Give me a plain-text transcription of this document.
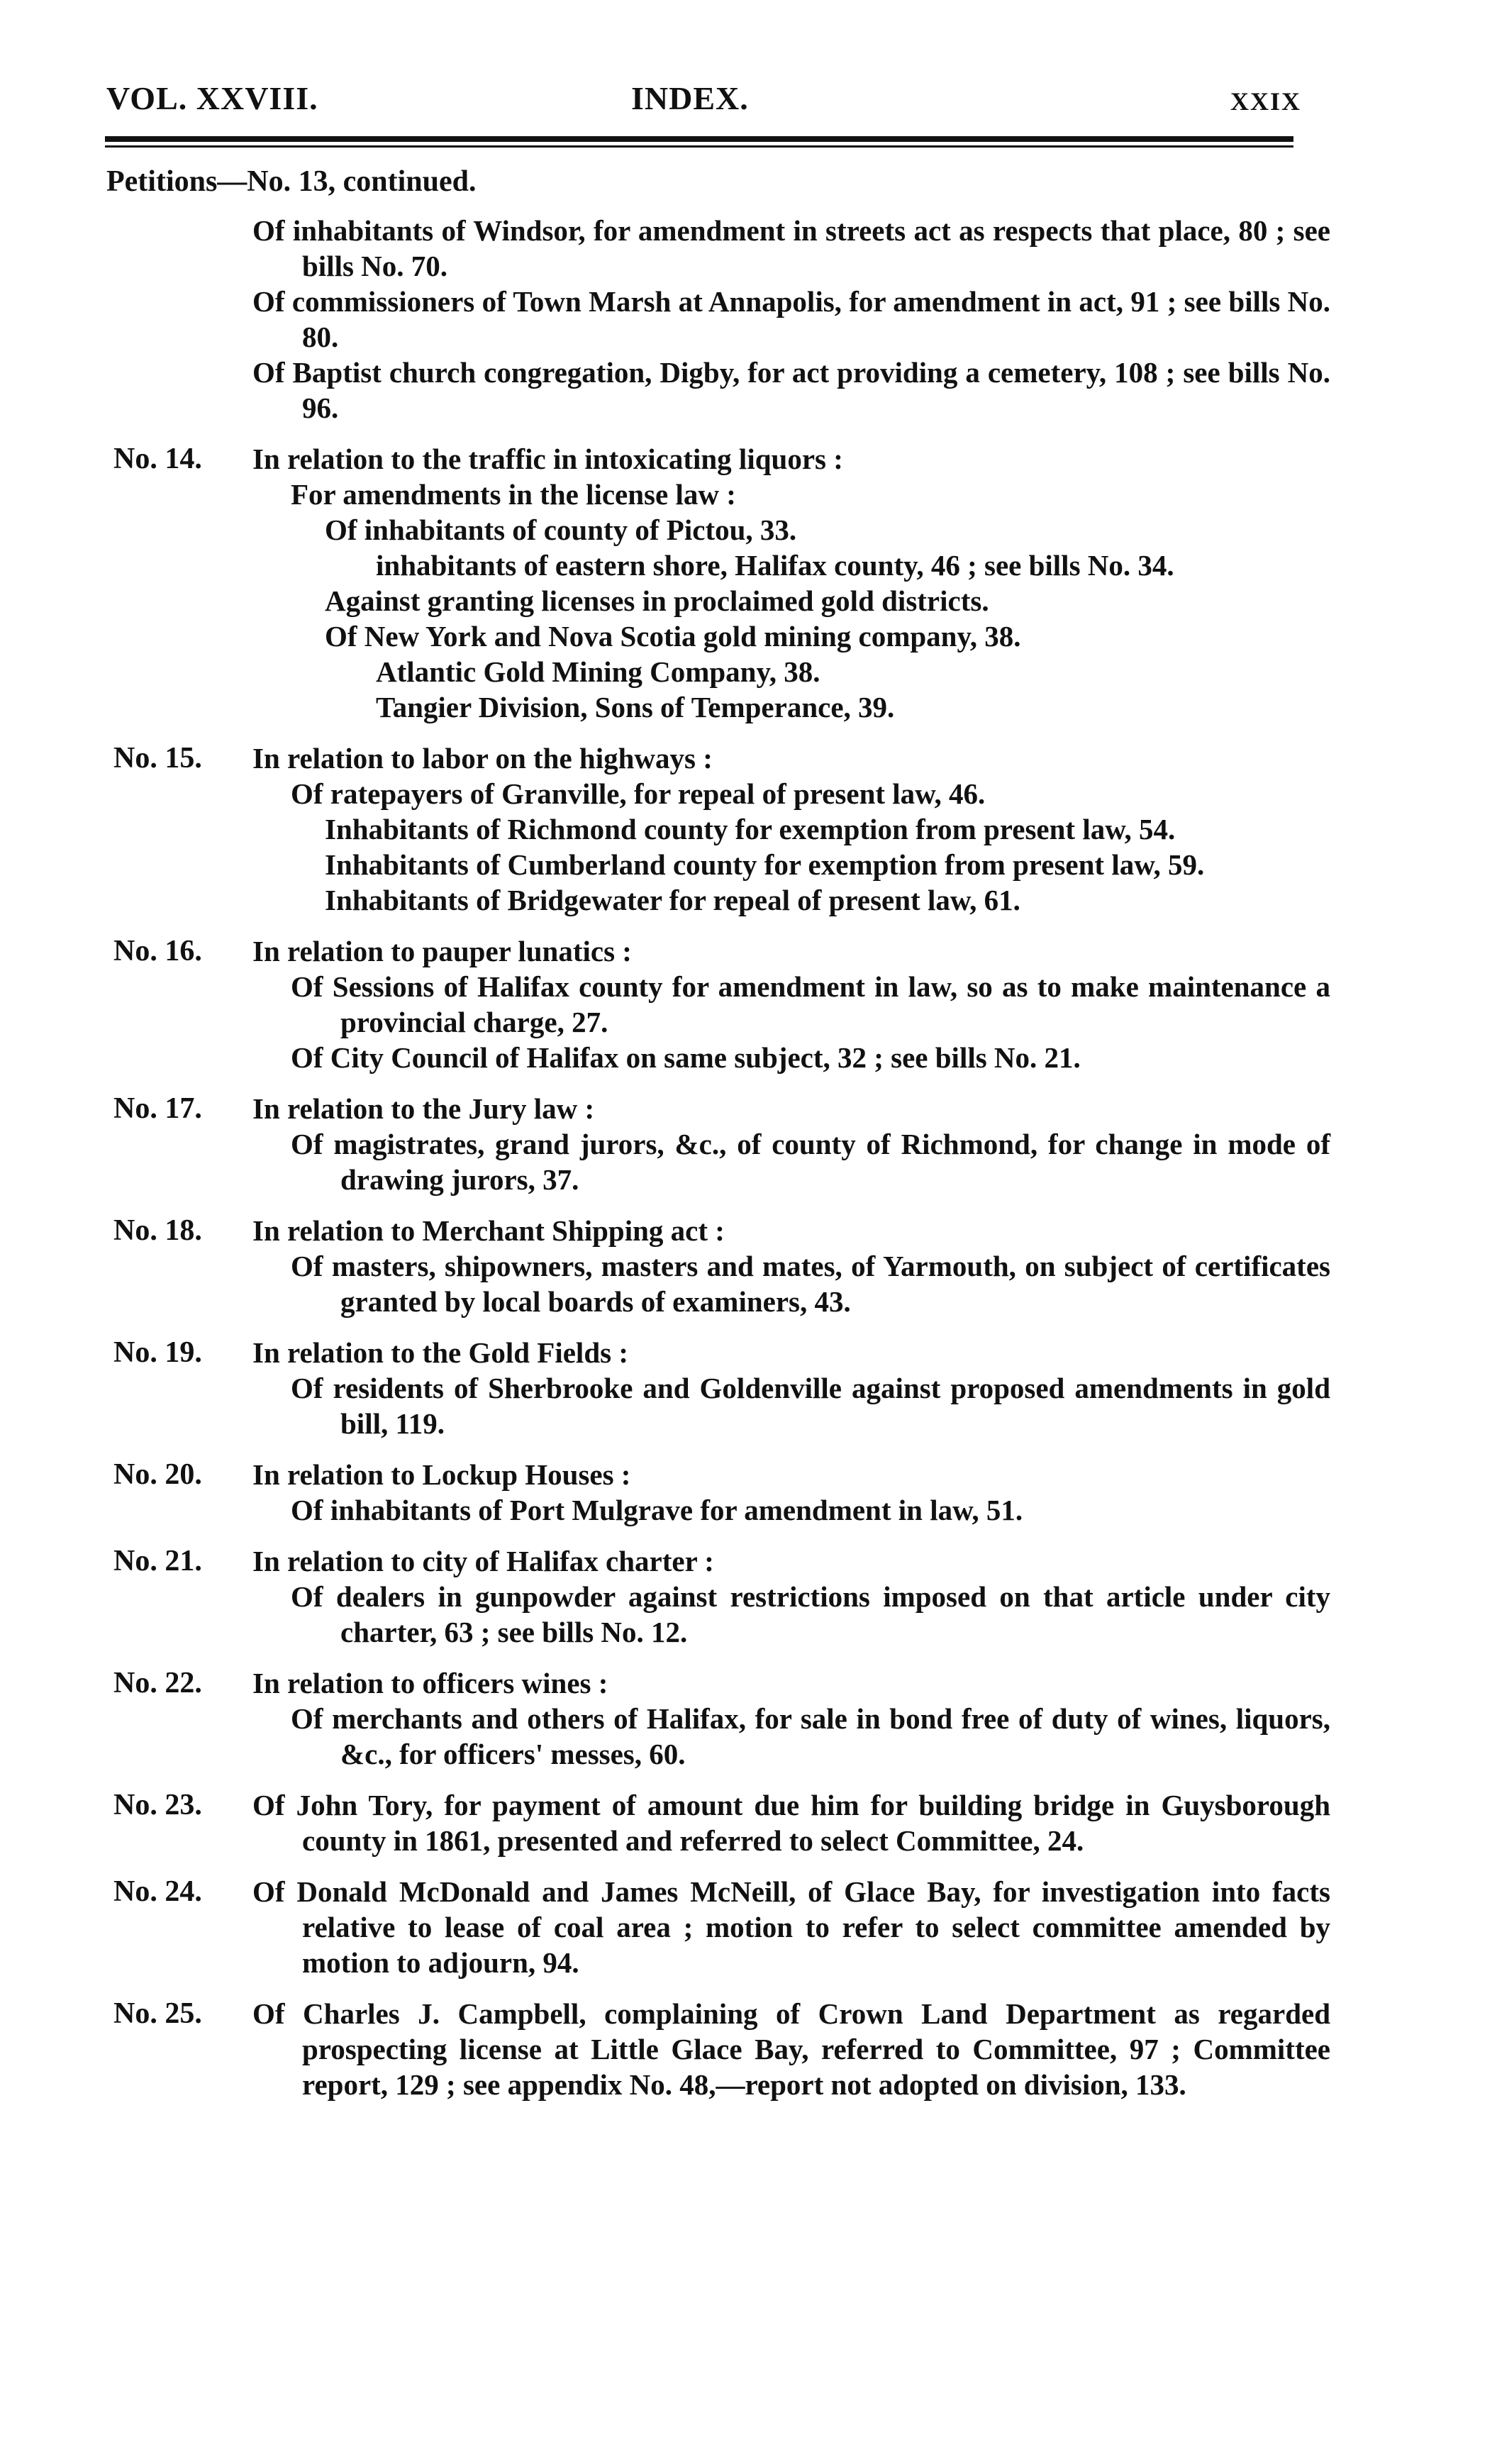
VOL. XXVIII.	INDEX.	XXIX
Petitions—No. 13, continued.
Of inhabitants of Windsor, for amendment in streets act as respects that place, 80 ; see bills No. 70.
Of commissioners of Town Marsh at Annapolis, for amendment in act, 91 ; see bills No. 80.
Of Baptist church congregation, Digby, for act providing a cemetery, 108 ; see bills No. 96.
No. 14. In relation to the traffic in intoxicating liquors :
For amendments in the license law :
Of inhabitants of county of Pictou, 33.
inhabitants of eastern shore, Halifax county, 46 ; see bills No. 34.
Against granting licenses in proclaimed gold districts.
Of New York and Nova Scotia gold mining company, 38.
Atlantic Gold Mining Company, 38.
Tangier Division, Sons of Temperance, 39.
No. 15. In relation to labor on the highways :
Of ratepayers of Granville, for repeal of present law, 46.
Inhabitants of Richmond county for exemption from present law, 54.
Inhabitants of Cumberland county for exemption from present law, 59.
Inhabitants of Bridgewater for repeal of present law, 61.
No. 16. In relation to pauper lunatics :
Of Sessions of Halifax county for amendment in law, so as to make maintenance a provincial charge, 27.
Of City Council of Halifax on same subject, 32 ; see bills No. 21.
No. 17. In relation to the Jury law :
Of magistrates, grand jurors, &c., of county of Richmond, for change in mode of drawing jurors, 37.
No. 18. In relation to Merchant Shipping act :
Of masters, shipowners, masters and mates, of Yarmouth, on subject of certificates granted by local boards of examiners, 43.
No. 19. In relation to the Gold Fields :
Of residents of Sherbrooke and Goldenville against proposed amendments in gold bill, 119.
No. 20. In relation to Lockup Houses :
Of inhabitants of Port Mulgrave for amendment in law, 51.
No. 21. In relation to city of Halifax charter :
Of dealers in gunpowder against restrictions imposed on that article under city charter, 63 ; see bills No. 12.
No. 22. In relation to officers wines :
Of merchants and others of Halifax, for sale in bond free of duty of wines, liquors, &c., for officers' messes, 60.
No. 23. Of John Tory, for payment of amount due him for building bridge in Guysborough county in 1861, presented and referred to select Committee, 24.
No. 24. Of Donald McDonald and James McNeill, of Glace Bay, for investigation into facts relative to lease of coal area ; motion to refer to select committee amended by motion to adjourn, 94.
No. 25. Of Charles J. Campbell, complaining of Crown Land Department as regarded prospecting license at Little Glace Bay, referred to Committee, 97 ; Committee report, 129 ; see appendix No. 48,—report not adopted on division, 133.
